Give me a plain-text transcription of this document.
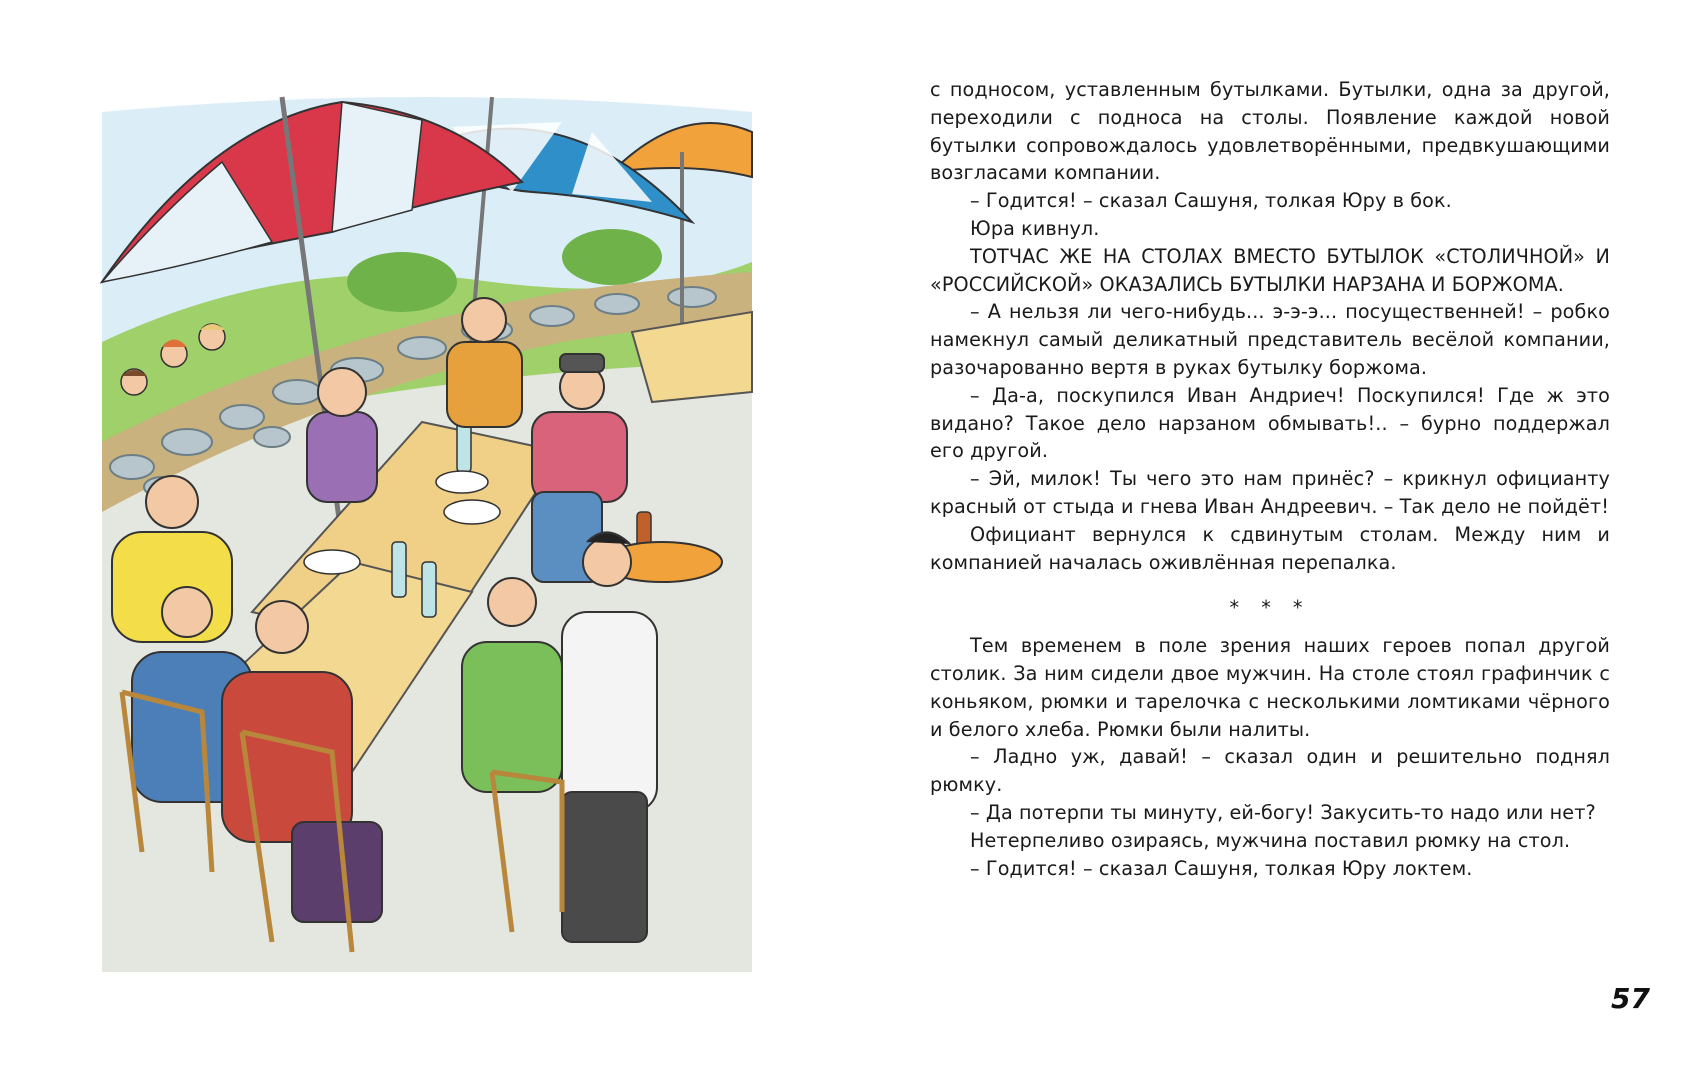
с подносом, уставленным бутылками. Бутылки, одна за другой, переходили с подноса на столы. Появление каждой новой бутылки сопровождалось удовлетворёнными, предвкушающими возгласами компании.

– Годится! – сказал Сашуня, толкая Юру в бок.

Юра кивнул.

ТОТЧАС ЖЕ НА СТОЛАХ ВМЕСТО БУТЫЛОК «СТОЛИЧНОЙ» И «РОССИЙСКОЙ» ОКАЗАЛИСЬ БУТЫЛКИ НАРЗАНА И БОРЖОМА.

– А нельзя ли чего-нибудь... э-э-э... посущественней! – робко намекнул самый деликатный представитель весёлой компании, разочарованно вертя в руках бутылку боржома.

– Да-а, поскупился Иван Андриеч! Поскупился! Где ж это видано? Такое дело нарзаном обмывать!.. – бурно поддержал его другой.

– Эй, милок! Ты чего это нам принёс? – крикнул официанту красный от стыда и гнева Иван Андреевич. – Так дело не пойдёт!

Официант вернулся к сдвинутым столам. Между ним и компанией началась оживлённая перепалка.

* * *

Тем временем в поле зрения наших героев попал другой столик. За ним сидели двое мужчин. На столе стоял графинчик с коньяком, рюмки и тарелочка с несколькими ломтиками чёрного и белого хлеба. Рюмки были налиты.

– Ладно уж, давай! – сказал один и решительно поднял рюмку.

– Да потерпи ты минуту, ей-богу! Закусить-то надо или нет?

Нетерпеливо озираясь, мужчина поставил рюмку на стол.

– Годится! – сказал Сашуня, толкая Юру локтем.

57
